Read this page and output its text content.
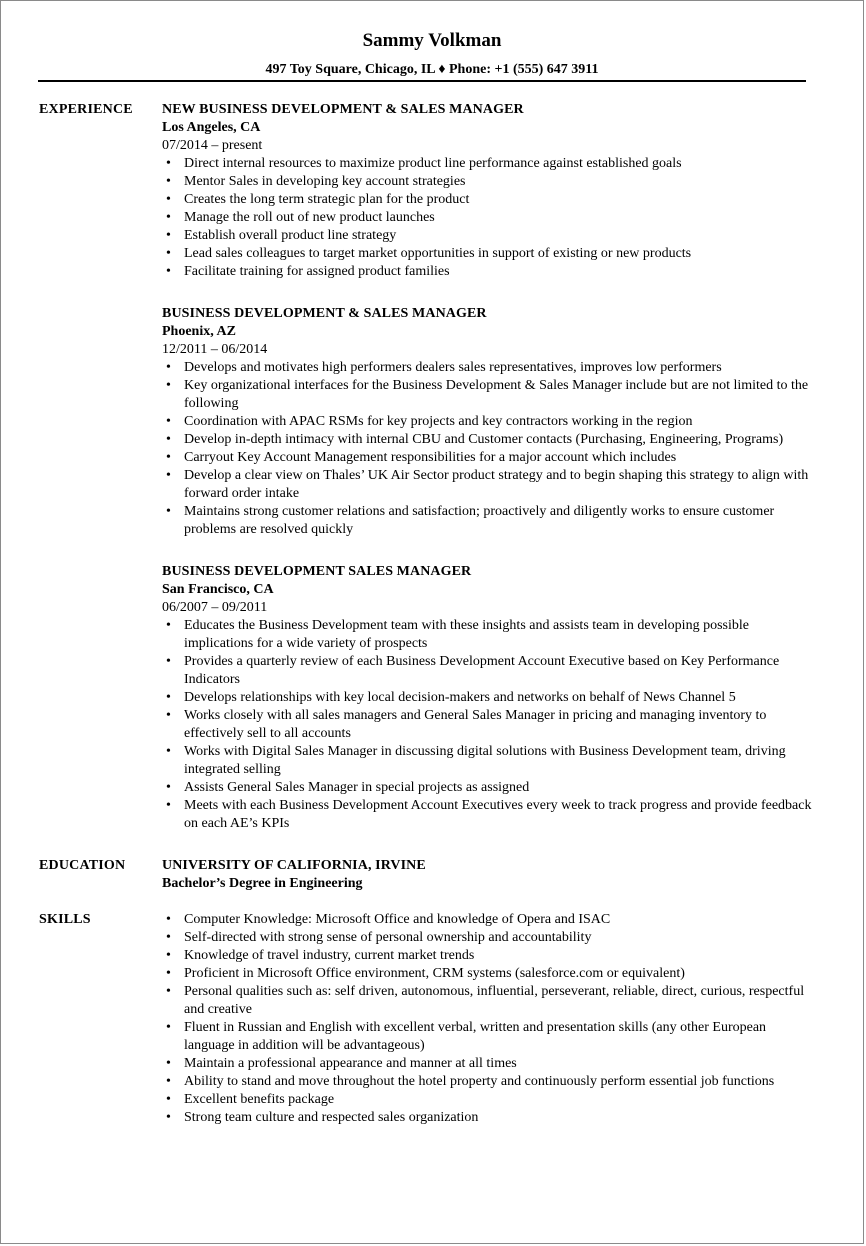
Sammy Volkman
497 Toy Square, Chicago, IL ♦ Phone: +1 (555) 647 3911
EXPERIENCE NEW BUSINESS DEVELOPMENT & SALES MANAGER
Los Angeles, CA
07/2014 – present
• Direct internal resources to maximize product line performance against established goals
• Mentor Sales in developing key account strategies
• Creates the long term strategic plan for the product
• Manage the roll out of new product launches
• Establish overall product line strategy
• Lead sales colleagues to target market opportunities in support of existing or new products
• Facilitate training for assigned product families
BUSINESS DEVELOPMENT & SALES MANAGER
Phoenix, AZ
12/2011 – 06/2014
• Develops and motivates high performers dealers sales representatives, improves low performers
• Key organizational interfaces for the Business Development & Sales Manager include but are not limited to the following
• Coordination with APAC RSMs for key projects and key contractors working in the region
• Develop in-depth intimacy with internal CBU and Customer contacts (Purchasing, Engineering, Programs)
• Carryout Key Account Management responsibilities for a major account which includes
• Develop a clear view on Thales’ UK Air Sector product strategy and to begin shaping this strategy to align with forward order intake
• Maintains strong customer relations and satisfaction; proactively and diligently works to ensure customer problems are resolved quickly
BUSINESS DEVELOPMENT SALES MANAGER
San Francisco, CA
06/2007 – 09/2011
• Educates the Business Development team with these insights and assists team in developing possible implications for a wide variety of prospects
• Provides a quarterly review of each Business Development Account Executive based on Key Performance Indicators
• Develops relationships with key local decision-makers and networks on behalf of News Channel 5
• Works closely with all sales managers and General Sales Manager in pricing and managing inventory to effectively sell to all accounts
• Works with Digital Sales Manager in discussing digital solutions with Business Development team, driving integrated selling
• Assists General Sales Manager in special projects as assigned
• Meets with each Business Development Account Executives every week to track progress and provide feedback on each AE’s KPIs
EDUCATION	UNIVERSITY OF CALIFORNIA, IRVINE
Bachelor’s Degree in Engineering
SKILLS
•	Computer Knowledge: Microsoft Office and knowledge of Opera and ISAC
• Self-directed with strong sense of personal ownership and accountability
• Knowledge of travel industry, current market trends
• Proficient in Microsoft Office environment, CRM systems (salesforce.com or equivalent)
• Personal qualities such as: self driven, autonomous, influential, perseverant, reliable, direct, curious, respectful and creative
• Fluent in Russian and English with excellent verbal, written and presentation skills (any other European language in addition will be advantageous)
• Maintain a professional appearance and manner at all times
• Ability to stand and move throughout the hotel property and continuously perform essential job functions
• Excellent benefits package
• Strong team culture and respected sales organization
